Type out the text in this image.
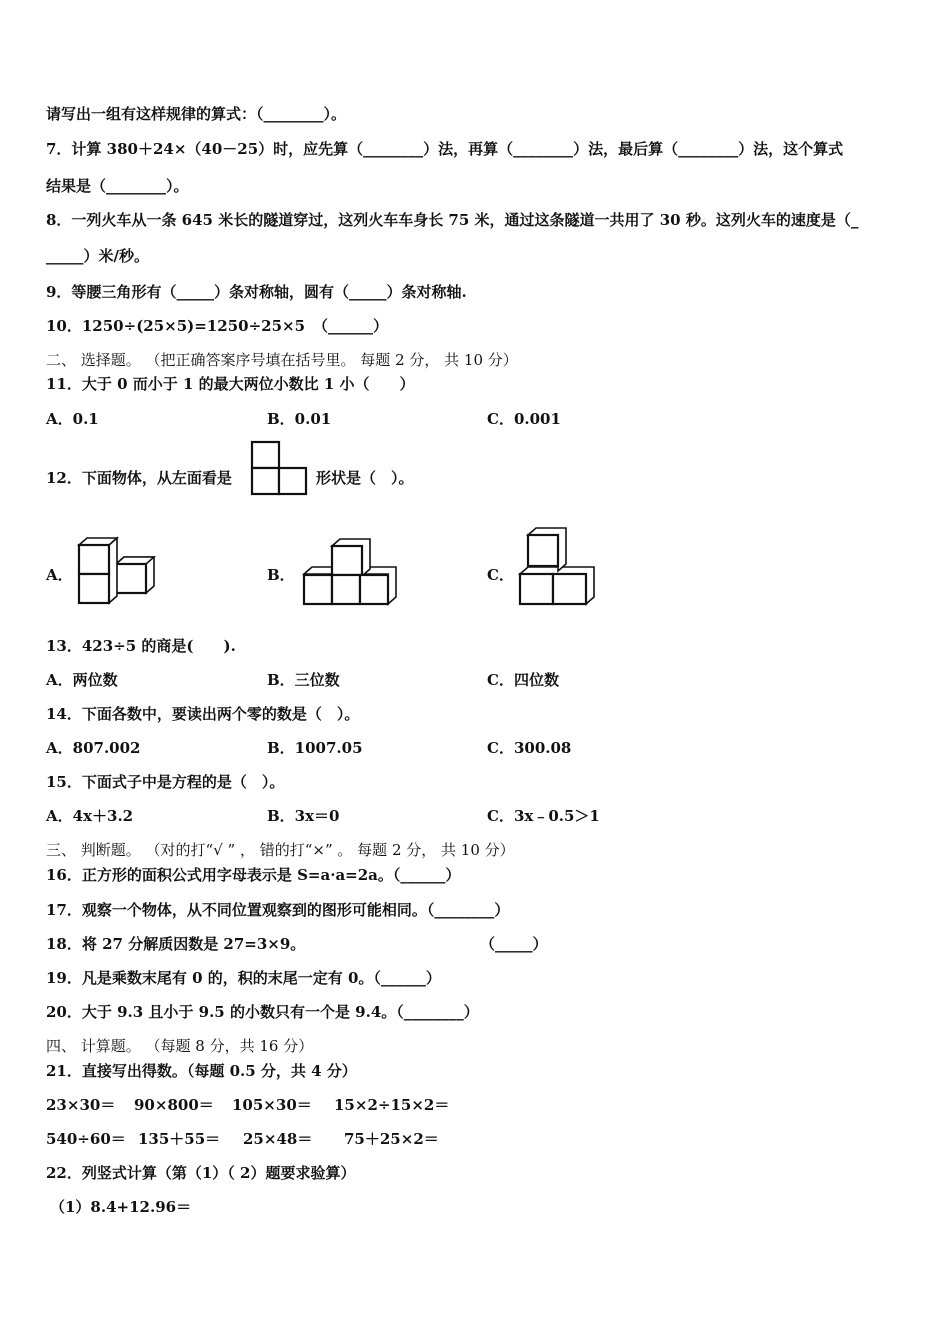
请写出一组有这样规律的算式：（________）。
7．计算 380＋24×（40－25）时，应先算（________）法，再算（________）法，最后算（________）法，这个算式
结果是（________）。
8．一列火车从一条 645 米长的隧道穿过，这列火车车身长 75 米，通过这条隧道一共用了 30 秒。这列火车的速度是（_
_____）米/秒。
9．等腰三角形有（_____）条对称轴，圆有（_____）条对称轴.
10．1250÷(25×5)=1250÷25×5 （______）
二、 选择题。 （把正确答案序号填在括号里。 每题 2 分， 共 10 分）
11．大于 0 而小于 1 的最大两位小数比 1 小（　　）
A．0.1	B．0.01	C．0.001
12．下面物体，从左面看是	形状是（　）。
A．	B．	C．
13．423÷5 的商是(　　).
A．两位数	B．三位数	C．四位数
14．下面各数中，要读出两个零的数是（　）。
A．807.002	B．1007.05	C．300.08
15．下面式子中是方程的是（　）。
A．4x＋3.2	B．3x＝0	C．3x﹣0.5＞1
三、 判断题。 （对的打“√ ” ， 错的打“×” 。 每题 2 分， 共 10 分）
16．正方形的面积公式用字母表示是 S=a·a=2a。（______）
17．观察一个物体，从不同位置观察到的图形可能相同。（________）
18．将 27 分解质因数是 27=3×9。	（_____）
19．凡是乘数末尾有 0 的，积的末尾一定有 0。（______）
20．大于 9.3 且小于 9.5 的小数只有一个是 9.4。（________）
四、 计算题。 （每题 8 分，共 16 分）
21．直接写出得数。（每题 0.5 分，共 4 分）
23×30＝ 90×800＝ 105×30＝ 15×2÷15×2＝
540÷60＝ 135＋55＝ 25×48＝ 75＋25×2＝
22．列竖式计算（第（1）（ 2）题要求验算）
（1）8.4+12.96＝
